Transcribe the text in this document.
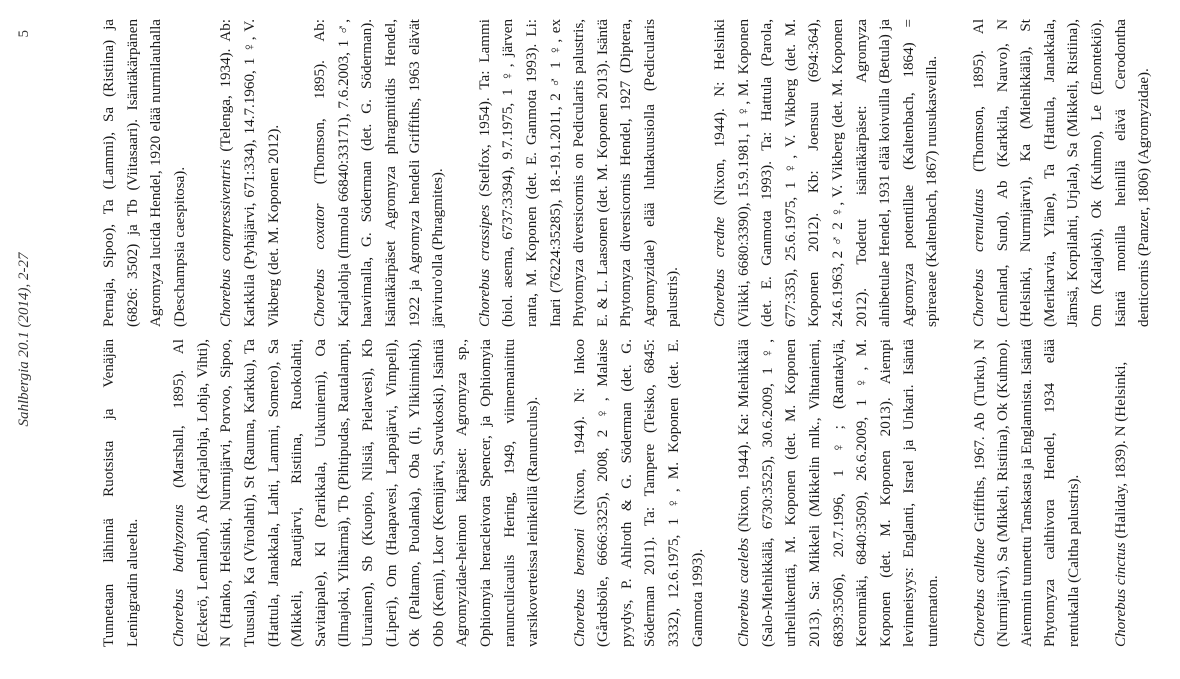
Sahlbergia 20.1 (2014), 2-27
5

Tunnetaan lähinnä Ruotsista ja Venäjän Leningradin alueelta.	Chorebus bathyzonus (Marshall, 1895). Al (Eckerö, Lemland), Ab (Karjalohja, Lohja, Vihti), N (Hanko, Helsinki, Nurmijärvi, Porvoo, Sipoo, Tuusula), Ka (Virolahti), St (Rauma, Karkku), Ta (Hattula, Janakkala, Lahti, Lammi, Somero), Sa (Mikkeli, Rautjärvi, Ristiina, Ruokolahti, Savitaipale), Kl (Parikkala, Uukuniemi), Oa (Ilmajoki, Ylihärmä), Tb (Pihtipudas, Rautalampi, Uurainen), Sb (Kuopio, Nilsiä, Pielavesi), Kb (Liperi), Om (Haapavesi, Lappajärvi, Vimpeli), Ok (Paltamo, Puolanka), Oba (Ii, Ylikiiminki), Obb (Kemi), Lkor (Kemijärvi, Savukoski). Isäntiä Agromyzidae-heimon kärpäset: Agromyza sp., Ophiomyia heracleivora Spencer, ja Ophiomyia ranunculicaulis Hering, 1949, viimemainittu varsikoverteissa leinikeillä (Ranunculus).	Chorebus bensoni (Nixon, 1944). N: Inkoo (Gårdsböle, 6666:3325), 2008, 2 ♀, Malaise pyydys, P. Ahlroth & G. Söderman (det. G. Söderman 2011). Ta: Tampere (Teisko, 6845: 3332), 12.6.1975, 1 ♀, M. Koponen (det. E. Ganmota 1993).	Chorebus caelebs (Nixon, 1944). Ka: Miehikkälä (Salo-Miehikkälä, 6730:3525), 30.6.2009, 1 ♀, urheilukenttä, M. Koponen (det. M. Koponen 2013). Sa: Mikkeli (Mikkelin mlk., Vihtaniemi, 6839:3506), 20.7.1996, 1 ♀; (Rantakylä, Keronmäki, 6840:3509), 26.6.2009, 1 ♀, M. Koponen (det. M. Koponen 2013). Aiempi levinneisyys: Englanti, Israel ja Unkari. Isäntä tuntematon.	Chorebus calthae Griffiths, 1967. Ab (Turku), N (Nurmijärvi), Sa (Mikkeli, Ristiina), Ok (Kuhmo). Aiemmin tunnettu Tanskasta ja Englannista. Isäntä Phytomyza calthivora Hendel, 1934 elää rentukalla (Caltha palustris).	Chorebus cinctus (Haliday, 1839). N (Helsinki,

Pernaja, Sipoo), Ta (Lammi), Sa (Ristiina) ja (6826: 3502) ja Tb (Viitasaari). Isäntäkärpänen Agromyza lucida Hendel, 1920 elää nurmilauhalla (Deschampsia caespitosa).	Chorebus compressiventris (Telenga, 1934). Ab: Karkkila (Pyhäjärvi, 671:334), 14.7.1960, 1 ♀, V. Vikberg (det. M. Koponen 2012).	Chorebus coxator (Thomson, 1895). Ab: Karjalohja (Immola 66840:33171), 7.6.2003, 1 ♂, haavimalla, G. Söderman (det. G. Söderman). Isäntäkärpäset Agromyza phragmitidis Hendel, 1922 ja Agromyza hendeli Griffiths, 1963 elävät järviruo'olla (Phragmites).	Chorebus crassipes (Stelfox, 1954). Ta: Lammi (biol. asema, 6737:3394), 9.7.1975, 1 ♀, järven ranta, M. Koponen (det. E. Ganmota 1993). Li: Inari (76224:35285), 18.-19.1.2011, 2 ♂ 1 ♀, ex Phytomyza diversicornis on Pedicularis palustris, E. & L. Laasonen (det. M. Koponen 2013). Isäntä Phytomyza diversicornis Hendel, 1927 (Diptera, Agromyzidae) elää luhtakuusiolla (Pedicularis palustris).	Chorebus credne (Nixon, 1944). N: Helsinki (Viikki, 6680:3390), 15.9.1981, 1 ♀, M. Koponen (det. E. Ganmota 1993). Ta: Hattula (Parola, 677:335), 25.6.1975, 1 ♀, V. Vikberg (det. M. Koponen 2012). Kb: Joensuu (694:364), 24.6.1963, 2 ♂ 2 ♀, V. Vikberg (det. M. Koponen 2012). Todetut isäntäkärpäset: Agromyza alnibetulae Hendel, 1931 elää koivuilla (Betula) ja Agromyza potentillae (Kaltenbach, 1864) = spireaeae (Kaltenbach, 1867) ruusukasveilla.	Chorebus crenulatus (Thomson, 1895). Al (Lemland, Sund), Ab (Karkkila, Nauvo), N (Helsinki, Nurmijärvi), Ka (Miehikkälä), St (Merikarvia, Yläne), Ta (Hattula, Janakkala, Jämsä, Korpilahti, Urjala), Sa (Mikkeli, Ristiina), Om (Kalajoki), Ok (Kuhmo), Le (Enontekiö). Isäntä monilla heinillä elävä Cerodontha denticornis (Panzer, 1806) (Agromyzidae).
